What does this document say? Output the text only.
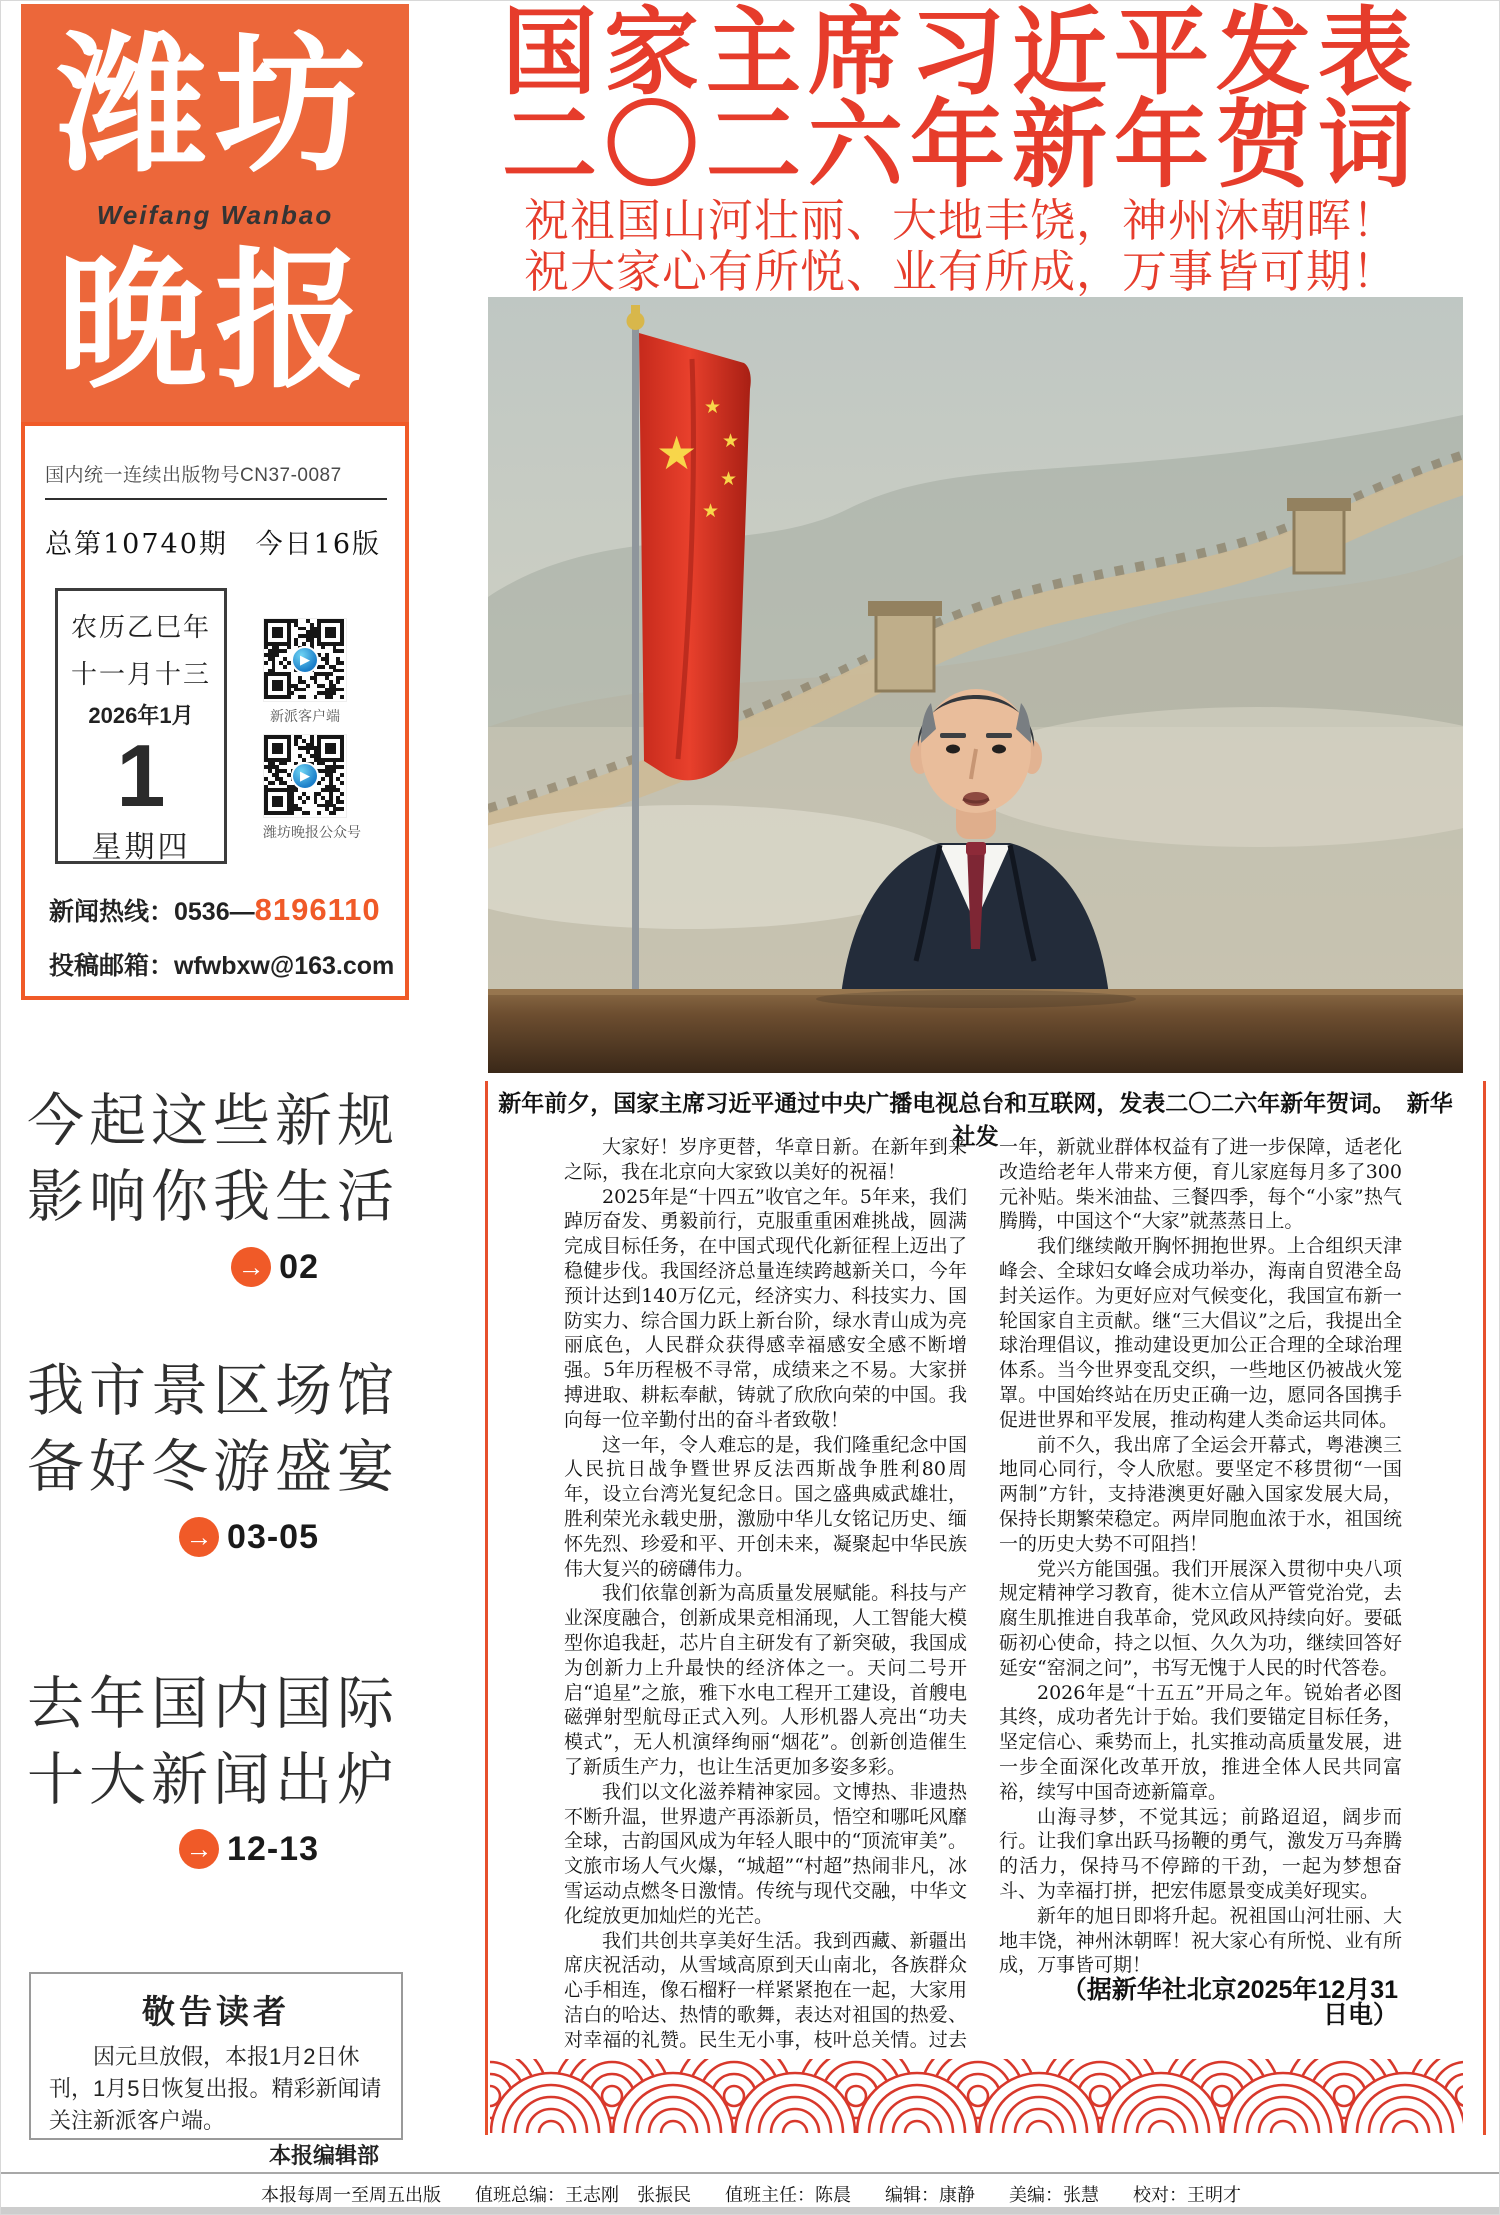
潍坊
Weifang Wanbao
晚报
国内统一连续出版物号CN37-0087
总第10740期 今日16版
农历乙巳年
十一月十三
2026年1月
1
星期四
▶
新派客户端
▶
潍坊晚报公众号
新闻热线：0536—8196110
投稿邮箱：wfwbxw@163.com
今起这些新规
影响你我生活
→ 02
我市景区场馆
备好冬游盛宴
→ 03-05
去年国内国际
十大新闻出炉
→ 12-13
敬告读者
因元旦放假，本报1月2日休刊，1月5日恢复出报。精彩新闻请关注新派客户端。
本报编辑部
国家主席习近平发表
二〇二六年新年贺词
祝祖国山河壮丽、大地丰饶，神州沐朝晖！
祝大家心有所悦、业有所成，万事皆可期！
★
★
★
★
★
新年前夕，国家主席习近平通过中央广播电视总台和互联网，发表二〇二六年新年贺词。　新华社发

大家好！岁序更替，华章日新。在新年到来之际，我在北京向大家致以美好的祝福！

2025年是“十四五”收官之年。5年来，我们踔厉奋发、勇毅前行，克服重重困难挑战，圆满完成目标任务，在中国式现代化新征程上迈出了稳健步伐。我国经济总量连续跨越新关口，今年预计达到140万亿元，经济实力、科技实力、国防实力、综合国力跃上新台阶，绿水青山成为亮丽底色，人民群众获得感幸福感安全感不断增强。5年历程极不寻常，成绩来之不易。大家拼搏进取、耕耘奉献，铸就了欣欣向荣的中国。我向每一位辛勤付出的奋斗者致敬！

这一年，令人难忘的是，我们隆重纪念中国人民抗日战争暨世界反法西斯战争胜利80周年，设立台湾光复纪念日。国之盛典威武雄壮，胜利荣光永载史册，激励中华儿女铭记历史、缅怀先烈、珍爱和平、开创未来，凝聚起中华民族伟大复兴的磅礴伟力。

我们依靠创新为高质量发展赋能。科技与产业深度融合，创新成果竞相涌现，人工智能大模型你追我赶，芯片自主研发有了新突破，我国成为创新力上升最快的经济体之一。天问二号开启“追星”之旅，雅下水电工程开工建设，首艘电磁弹射型航母正式入列。人形机器人亮出“功夫模式”，无人机演绎绚丽“烟花”。创新创造催生了新质生产力，也让生活更加多姿多彩。

我们以文化滋养精神家园。文博热、非遗热不断升温，世界遗产再添新员，悟空和哪吒风靡全球，古韵国风成为年轻人眼中的“顶流审美”。文旅市场人气火爆，“城超”“村超”热闹非凡，冰雪运动点燃冬日激情。传统与现代交融，中华文化绽放更加灿烂的光芒。

我们共创共享美好生活。我到西藏、新疆出席庆祝活动，从雪域高原到天山南北，各族群众心手相连，像石榴籽一样紧紧抱在一起，大家用洁白的哈达、热情的歌舞，表达对祖国的热爱、对幸福的礼赞。民生无小事，枝叶总关情。过去一年，新就业群体权益有了进一步保障，适老化改造给老年人带来方便，育儿家庭每月多了300元补贴。柴米油盐、三餐四季，每个“小家”热气腾腾，中国这个“大家”就蒸蒸日上。

我们继续敞开胸怀拥抱世界。上合组织天津峰会、全球妇女峰会成功举办，海南自贸港全岛封关运作。为更好应对气候变化，我国宣布新一轮国家自主贡献。继“三大倡议”之后，我提出全球治理倡议，推动建设更加公正合理的全球治理体系。当今世界变乱交织，一些地区仍被战火笼罩。中国始终站在历史正确一边，愿同各国携手促进世界和平发展，推动构建人类命运共同体。

前不久，我出席了全运会开幕式，粤港澳三地同心同行，令人欣慰。要坚定不移贯彻“一国两制”方针，支持港澳更好融入国家发展大局，保持长期繁荣稳定。两岸同胞血浓于水，祖国统一的历史大势不可阻挡！

党兴方能国强。我们开展深入贯彻中央八项规定精神学习教育，徙木立信从严管党治党，去腐生肌推进自我革命，党风政风持续向好。要砥砺初心使命，持之以恒、久久为功，继续回答好延安“窑洞之问”，书写无愧于人民的时代答卷。

2026年是“十五五”开局之年。锐始者必图其终，成功者先计于始。我们要锚定目标任务，坚定信心、乘势而上，扎实推动高质量发展，进一步全面深化改革开放，推进全体人民共同富裕，续写中国奇迹新篇章。

山海寻梦，不觉其远；前路迢迢，阔步而行。让我们拿出跃马扬鞭的勇气，激发万马奔腾的活力，保持马不停蹄的干劲，一起为梦想奋斗、为幸福打拼，把宏伟愿景变成美好现实。

新年的旭日即将升起。祝祖国山河壮丽、大地丰饶，神州沐朝晖！祝大家心有所悦、业有所成，万事皆可期！

（据新华社北京2025年12月31日电）

本报每周一至周五出版 值班总编：王志刚　张振民 值班主任：陈晨 编辑：康静 美编：张慧 校对：王明才
